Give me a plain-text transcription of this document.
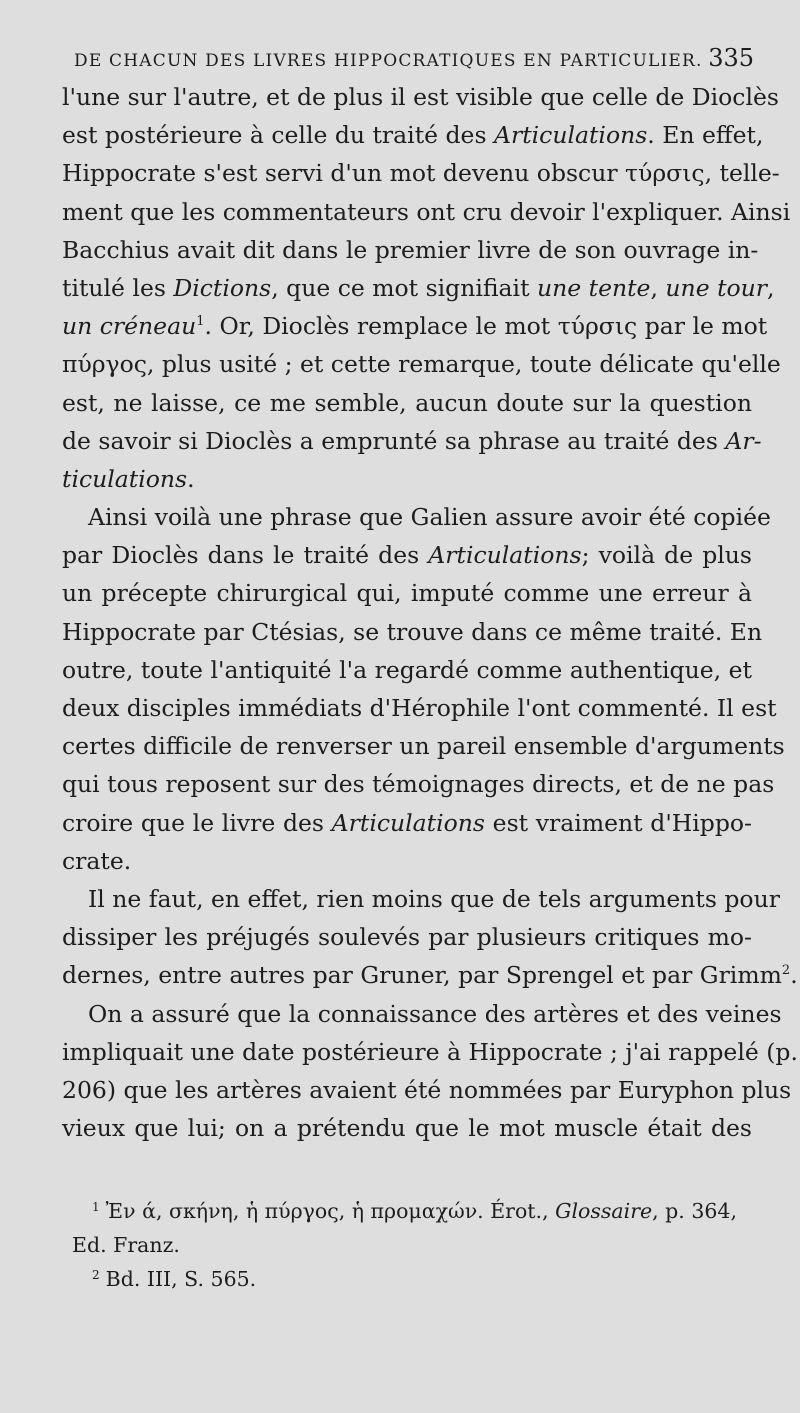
DE CHACUN DES LIVRES HIPPOCRATIQUES EN PARTICULIER. 335
l'une sur l'autre, et de plus il est visible que celle de Dioclès
est postérieure à celle du traité des Articulations. En effet,
Hippocrate s'est servi d'un mot devenu obscur τύρσις, telle-
ment que les commentateurs ont cru devoir l'expliquer. Ainsi
Bacchius avait dit dans le premier livre de son ouvrage in-
titulé les Dictions, que ce mot signifiait une tente, une tour,
un créneau$^1$. Or, Dioclès remplace le mot τύρσις par le mot
πύργος, plus usité ; et cette remarque, toute délicate qu'elle
est, ne laisse, ce me semble, aucun doute sur la question
de savoir si Dioclès a emprunté sa phrase au traité des Ar-
ticulations.
Ainsi voilà une phrase que Galien assure avoir été copiée
par Dioclès dans le traité des Articulations; voilà de plus
un précepte chirurgical qui, imputé comme une erreur à
Hippocrate par Ctésias, se trouve dans ce même traité. En
outre, toute l'antiquité l'a regardé comme authentique, et
deux disciples immédiats d'Hérophile l'ont commenté. Il est
certes difficile de renverser un pareil ensemble d'arguments
qui tous reposent sur des témoignages directs, et de ne pas
croire que le livre des Articulations est vraiment d'Hippo-
crate.
Il ne faut, en effet, rien moins que de tels arguments pour
dissiper les préjugés soulevés par plusieurs critiques mo-
dernes, entre autres par Gruner, par Sprengel et par Grimm$^2$.
On a assuré que la connaissance des artères et des veines
impliquait une date postérieure à Hippocrate ; j'ai rappelé (p.
206) que les artères avaient été nommées par Euryphon plus
vieux que lui; on a prétendu que le mot muscle était des
$^1$ Ἐν ά, σκήνη, ἡ πύργος, ἡ προμαχών. Érot., Glossaire, p. 364,
Ed. Franz.
$^2$ Bd. III, S. 565.
